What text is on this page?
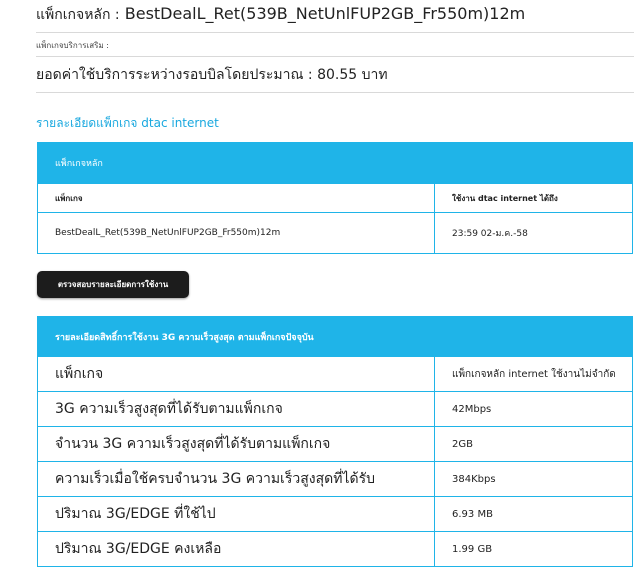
แพ็กเกจหลัก : BestDealL_Ret(539B_NetUnlFUP2GB_Fr550m)12m
แพ็กเกจบริการเสริม :
ยอดค่าใช้บริการระหว่างรอบบิลโดยประมาณ : 80.55 บาท
รายละเอียดแพ็กเกจ dtac internet
แพ็กเกจหลัก	
แพ็กเกจ	ใช้งาน dtac internet ได้ถึง
BestDealL_Ret(539B_NetUnlFUP2GB_Fr550m)12m	23:59 02-ม.ค.-58
ตรวจสอบรายละเอียดการใช้งาน
รายละเอียดสิทธิ์การใช้งาน 3G ความเร็วสูงสุด ตามแพ็กเกจปัจจุบัน	
แพ็กเกจ	แพ็กเกจหลัก internet ใช้งานไม่จำกัด
3G ความเร็วสูงสุดที่ได้รับตามแพ็กเกจ	42Mbps
จำนวน 3G ความเร็วสูงสุดที่ได้รับตามแพ็กเกจ	2GB
ความเร็วเมื่อใช้ครบจำนวน 3G ความเร็วสูงสุดที่ได้รับ	384Kbps
ปริมาณ 3G/EDGE ที่ใช้ไป	6.93 MB
ปริมาณ 3G/EDGE คงเหลือ	1.99 GB
